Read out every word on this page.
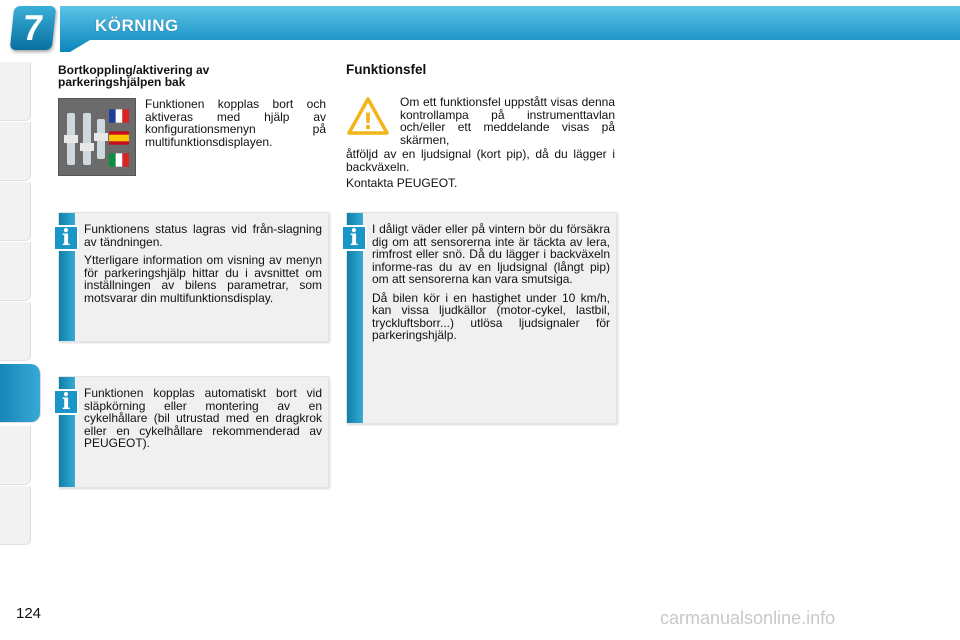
7	KÖRNING
Bortkoppling/aktivering av
parkeringshjälpen bak

Funktionen kopplas bort och aktiveras med hjälp av konfigurationsmenyn på multifunktionsdisplayen.

i	Funktionens status lagras vid från-slagning av tändningen.

Ytterligare information om visning av menyn för parkeringshjälp hittar du i avsnittet om inställningen av bilens parametrar, som motsvarar din multifunktionsdisplay.

i	Funktionen kopplas automatiskt bort vid släpkörning eller montering av en cykelhållare (bil utrustad med en dragkrok eller en cykelhållare rekommenderad av PEUGEOT).

Funktionsfel
!

Om ett funktionsfel uppstått visas denna kontrollampa på instrumenttavlan och/eller ett meddelande visas på skärmen,

åtföljd av en ljudsignal (kort pip), då du lägger i backväxeln.

Kontakta PEUGEOT.

i	I dåligt väder eller på vintern bör du försäkra dig om att sensorerna inte är täckta av lera, rimfrost eller snö. Då du lägger i backväxeln informe-ras du av en ljudsignal (långt pip) om att sensorerna kan vara smutsiga.

Då bilen kör i en hastighet under 10 km/h, kan vissa ljudkällor (motor-cykel, lastbil, tryckluftsborr...) utlösa ljudsignaler för parkeringshjälp.

124	carmanualsonline.info
